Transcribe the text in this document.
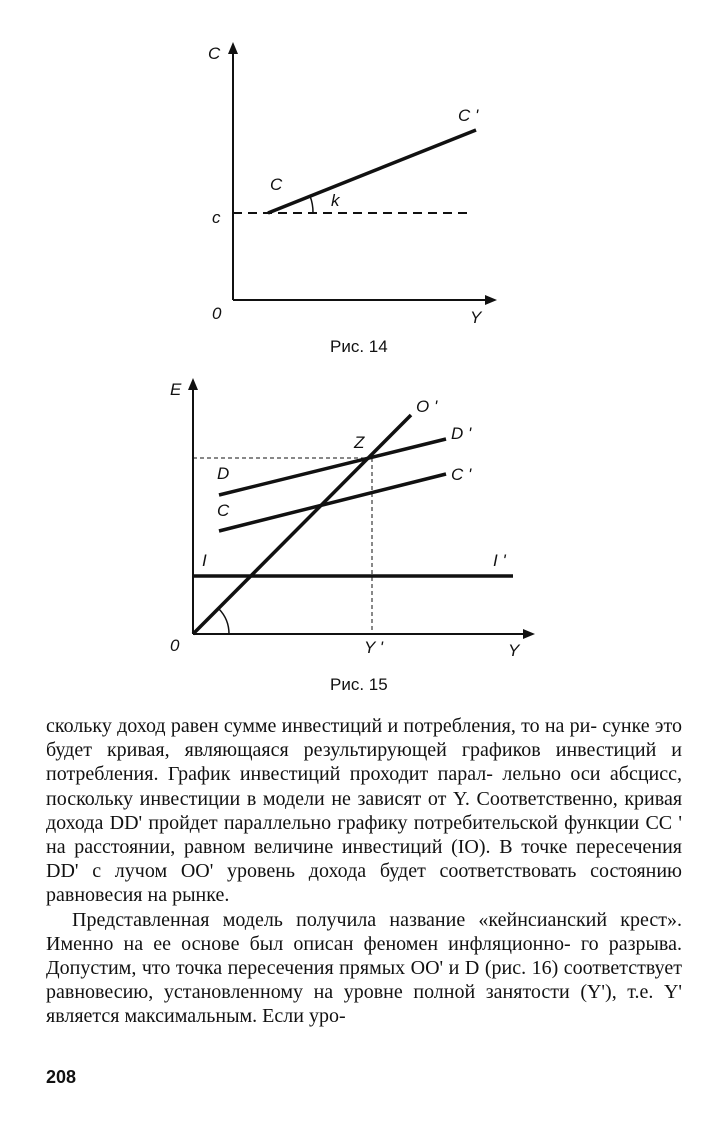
C
c
C
C '
k
0	Y
Рис. 14
E
O '
Z	D '
D	C '
C
I	I '
0	Y '	Y
Рис. 15

скольку доход равен сумме инвестиций и потребления, то на ри- сунке это будет кривая, являющаяся результирующей графиков инвестиций и потребления. График инвестиций проходит парал- лельно оси абсцисс, поскольку инвестиции в модели не зависят от Y. Соответственно, кривая дохода DD' пройдет параллельно графику потребительской функции CC ' на расстоянии, равном величине инвестиций (IO). В точке пересечения DD' с лучом OO' уровень дохода будет соответствовать состоянию равновесия на рынке.

Представленная модель получила название «кейнсианский крест». Именно на ее основе был описан феномен инфляционно- го разрыва. Допустим, что точка пересечения прямых OO' и D (рис. 16) соответствует равновесию, установленному на уровне полной занятости (Y'), т.е. Y' является максимальным. Если уро-

208
